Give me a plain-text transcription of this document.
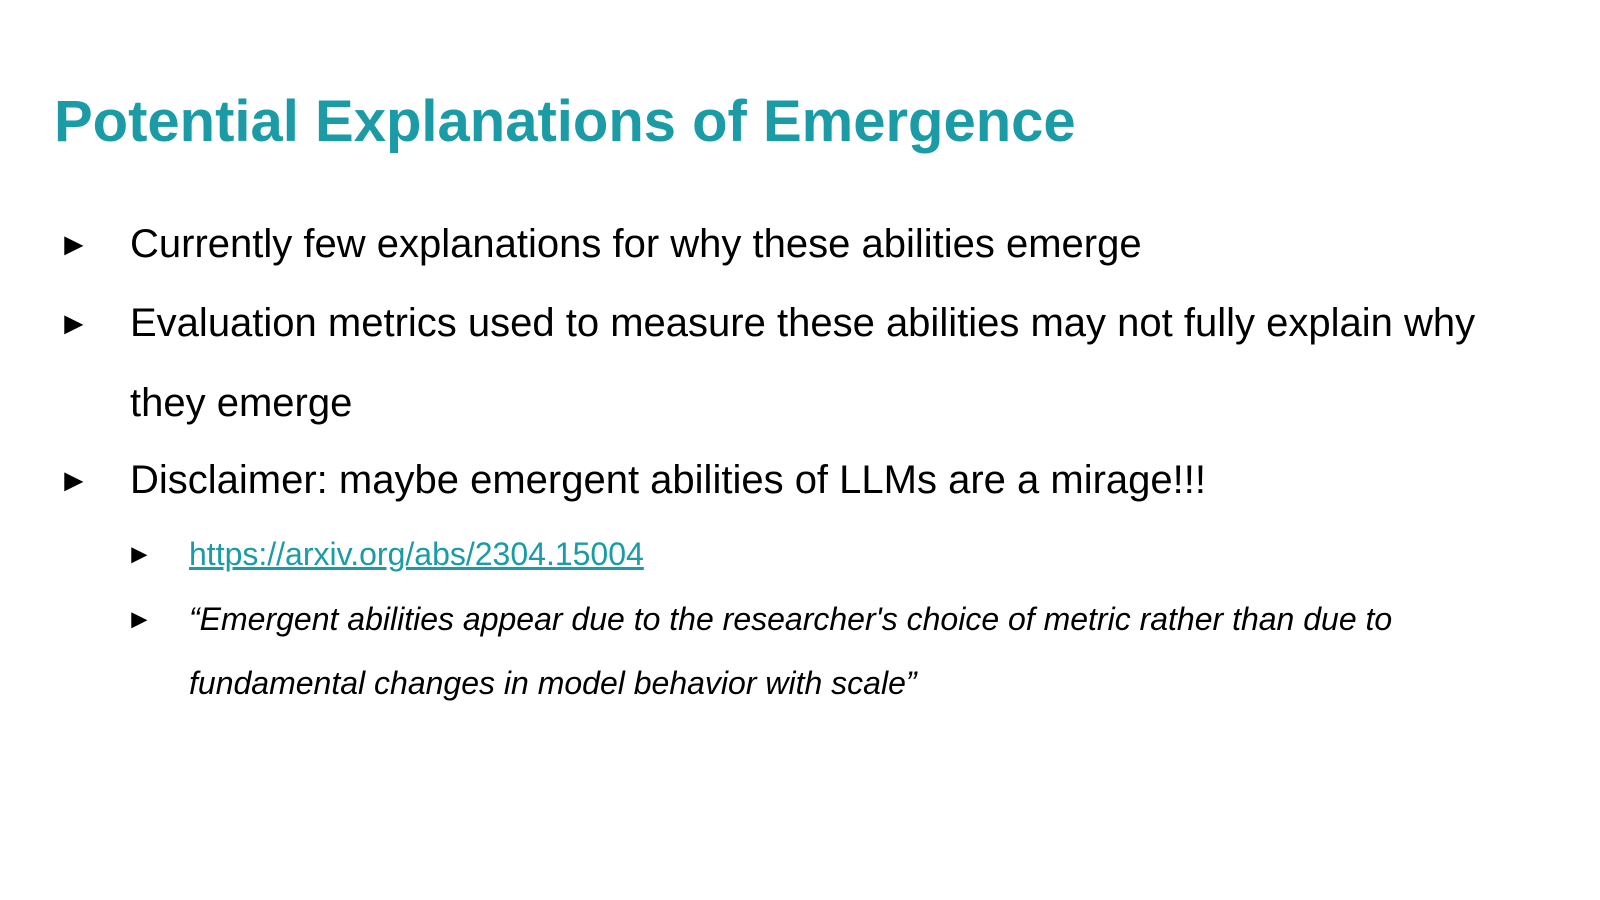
Potential Explanations of Emergence
► Currently few explanations for why these abilities emerge
► Evaluation metrics used to measure these abilities may not fully explain why they emerge
► Disclaimer: maybe emergent abilities of LLMs are a mirage!!!
► https://arxiv.org/abs/2304.15004
► “Emergent abilities appear due to the researcher's choice of metric rather than due to fundamental changes in model behavior with scale”
